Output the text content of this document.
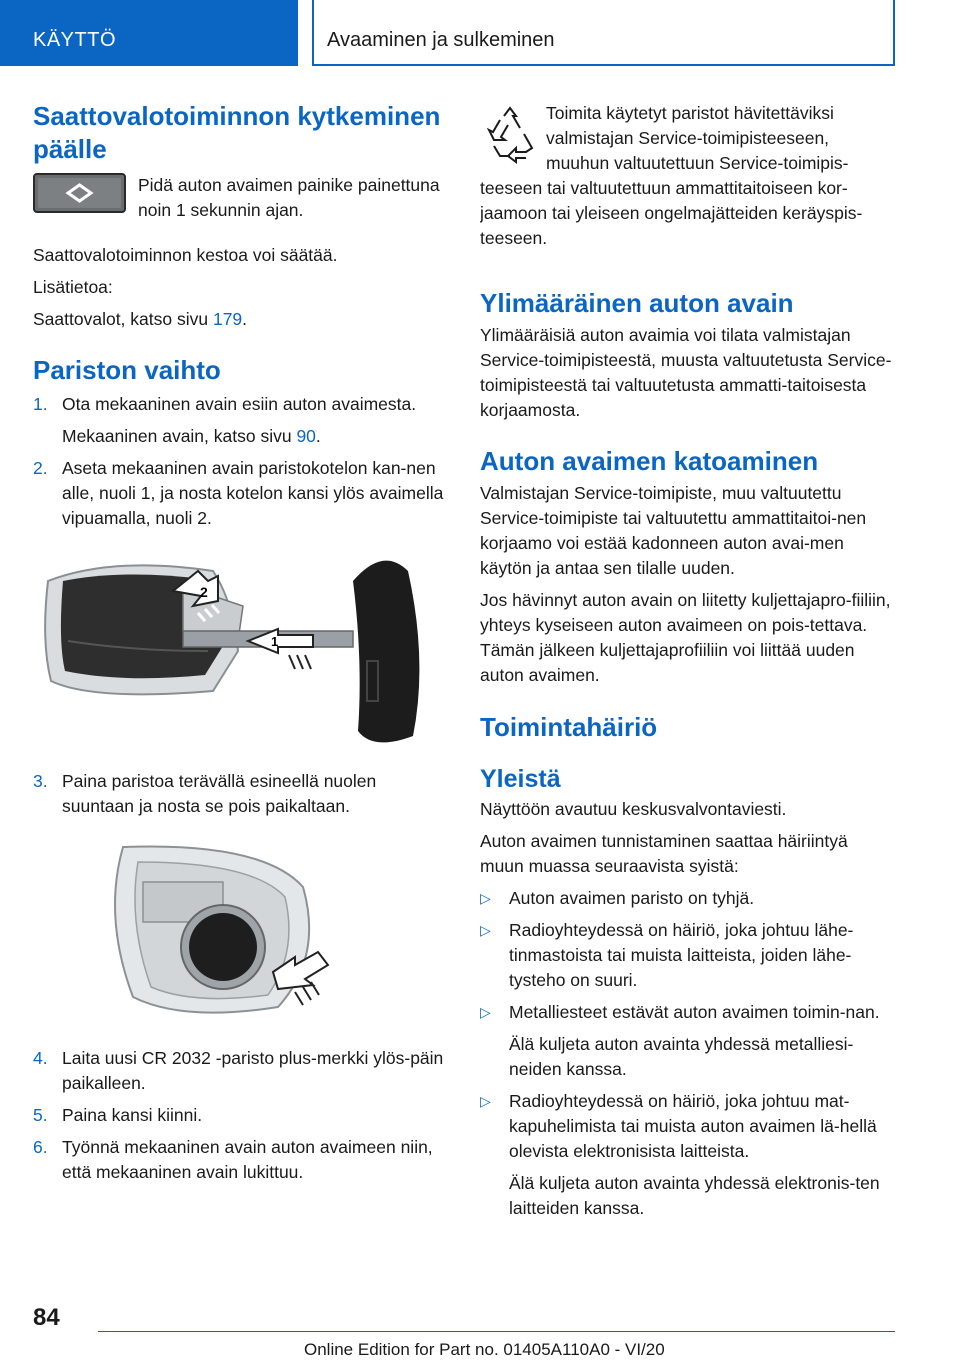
KÄYTTÖ	Avaaminen ja sulkeminen
Saattovalotoiminnon kytkeminen päälle

Pidä auton avaimen painike painettuna noin 1 sekunnin ajan.

Saattovalotoiminnon kestoa voi säätää.

Lisätietoa:

Saattovalot, katso sivu 179.

Pariston vaihto
1. Ota mekaaninen avain esiin auton avaimesta.
Mekaaninen avain, katso sivu 90.
2. Aseta mekaaninen avain paristokotelon kan-nen alle, nuoli 1, ja nosta kotelon kansi ylös avaimella vipuamalla, nuoli 2.
2
1
3. Paina paristoa terävällä esineellä nuolen suuntaan ja nosta se pois paikaltaan.
4. Laita uusi CR 2032 -paristo plus-merkki ylös-päin paikalleen.
5. Paina kansi kiinni.
6. Työnnä mekaaninen avain auton avaimeen niin, että mekaaninen avain lukittuu.

Toimita käytetyt paristot hävitettäviksi valmistajan Service-toimipisteeseen, muuhun valtuutettuun Service-toimipis-teeseen tai valtuutettuun ammattitaitoiseen kor-jaamoon tai yleiseen ongelmajätteiden keräyspis-teeseen.

Ylimääräinen auton avain

Ylimääräisiä auton avaimia voi tilata valmistajan Service-toimipisteestä, muusta valtuutetusta Service-toimipisteestä tai valtuutetusta ammatti-taitoisesta korjaamosta.

Auton avaimen katoaminen

Valmistajan Service-toimipiste, muu valtuutettu Service-toimipiste tai valtuutettu ammattitaitoi-nen korjaamo voi estää kadonneen auton avai-men käytön ja antaa sen tilalle uuden.

Jos hävinnyt auton avain on liitetty kuljettajapro-fiiliin, yhteys kyseiseen auton avaimeen on pois-tettava. Tämän jälkeen kuljettajaprofiiliin voi liittää uuden auton avaimen.

Toimintahäiriö
Yleistä

Näyttöön avautuu keskusvalvontaviesti.

Auton avaimen tunnistaminen saattaa häiriintyä muun muassa seuraavista syistä:

▷ Auton avaimen paristo on tyhjä.
▷ Radioyhteydessä on häiriö, joka johtuu lähe-tinmastoista tai muista laitteista, joiden lähe-tysteho on suuri.
▷ Metalliesteet estävät auton avaimen toimin-nan.
Älä kuljeta auton avainta yhdessä metalliesi-neiden kanssa.
▷ Radioyhteydessä on häiriö, joka johtuu mat-kapuhelimista tai muista auton avaimen lä-hellä olevista elektronisista laitteista.
Älä kuljeta auton avainta yhdessä elektronis-ten laitteiden kanssa.
84
Online Edition for Part no. 01405A110A0 - VI/20
